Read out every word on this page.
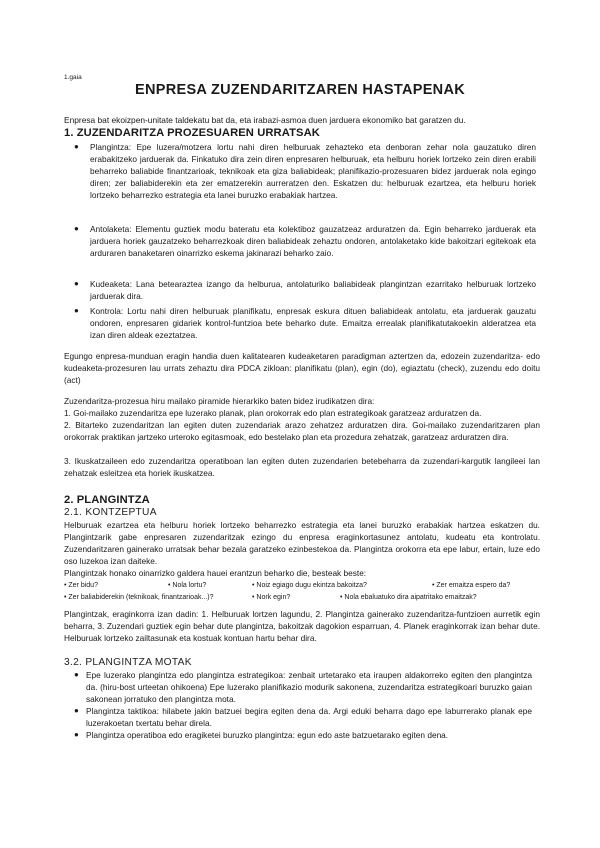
1.gaia
ENPRESA ZUZENDARITZAREN HASTAPENAK
Enpresa bat ekoizpen-unitate taldekatu bat da, eta irabazi-asmoa duen jarduera ekonomiko bat garatzen du.
1. ZUZENDARITZA PROZESUAREN URRATSAK
● Plangintza: Epe luzera/motzera lortu nahi diren helburuak zehazteko eta denboran zehar nola gauzatuko diren erabakitzeko jarduerak da. Finkatuko dira zein diren enpresaren helburuak, eta helburu horiek lortzeko zein diren erabili beharreko baliabide finantzarioak, teknikoak eta giza baliabideak; planifikazio-prozesuaren bidez jarduerak nola egingo diren; zer baliabiderekin eta zer ematzerekin aurreratzen den. Eskatzen du: helburuak ezartzea, eta helburu horiek lortzeko beharrezko estrategia eta lanei buruzko erabakiak hartzea.
● Antolaketa: Elementu guztiek modu bateratu eta kolektiboz gauzatzeaz arduratzen da. Egin beharreko jarduerak eta jarduera horiek gauzatzeko beharrezkoak diren baliabideak zehaztu ondoren, antolaketako kide bakoitzari egitekoak eta arduraren banaketaren oinarrizko eskema jakinarazi beharko zaio.
● Kudeaketa: Lana betearaztea izango da helburua, antolaturiko baliabideak plangintzan ezarritako helburuak lortzeko jarduerak dira.
● Kontrola: Lortu nahi diren helburuak planifikatu, enpresak eskura dituen baliabideak antolatu, eta jarduerak gauzatu ondoren, enpresaren gidariek kontrol-funtzioa bete beharko dute. Emaitza errealak planifikatutakoekin alderatzea eta izan diren aldeak ezeztatzea.
Egungo enpresa-munduan eragin handia duen kalitatearen kudeaketaren paradigman aztertzen da, edozein zuzendaritza- edo kudeaketa-prozesuren lau urrats zehaztu dira PDCA zikloan: planifikatu (plan), egin (do), egiaztatu (check), zuzendu edo doitu (act)
Zuzendaritza-prozesua hiru mailako piramide hierarkiko baten bidez irudikatzen dira:
1. Goi-mailako zuzendaritza epe luzerako planak, plan orokorrak edo plan estrategikoak garatzeaz arduratzen da.
2. Bitarteko zuzendaritzan lan egiten duten zuzendariak arazo zehatzez arduratzen dira. Goi-mailako zuzendaritzaren plan orokorrak praktikan jartzeko urteroko egitasmoak, edo bestelako plan eta prozedura zehatzak, garatzeaz arduratzen dira.
3. Ikuskatzaileen edo zuzendaritza operatiboan lan egiten duten zuzendarien betebeharra da zuzendari-kargutik langileei lan zehatzak esleitzea eta horiek ikuskatzea.
2. PLANGINTZA
2.1. KONTZEPTUA
Helburuak ezartzea eta helburu horiek lortzeko beharrezko estrategia eta lanei buruzko erabakiak hartzea eskatzen du. Plangintzarik gabe enpresaren zuzendaritzak ezingo du enpresa eraginkortasunez antolatu, kudeatu eta kontrolatu. Zuzendaritzaren gainerako urratsak behar bezala garatzeko ezinbestekoa da. Plangintza orokorra eta epe labur, ertain, luze edo oso luzekoa izan daiteke.
Plangintzak honako oinarrizko galdera hauei erantzun beharko die, besteak beste:
• Zer bidu?	• Nola lortu?	• Noiz egiago dugu ekintza bakoitza?	• Zer emaitza espero da?
• Zer baliabiderekin (teknikoak, finantzarioak...)?	• Nork egin?	• Nola ebaluatuko dira aipatritako emaitzak?
Plangintzak, eraginkorra izan dadin: 1. Helburuak lortzen lagundu, 2. Plangintza gainerako zuzendaritza-funtzioen aurretik egin beharra, 3. Zuzendari guztiek egin behar dute plangintza, bakoitzak dagokion esparruan, 4. Planek eraginkorrak izan behar dute. Helburuak lortzeko zailtasunak eta kostuak kontuan hartu behar dira.
3.2. PLANGINTZA MOTAK
● Epe luzerako plangintza edo plangintza estrategikoa: zenbait urtetarako eta iraupen aldakorreko egiten den plangintza da. (hiru-bost urteetan ohikoena) Epe luzerako planifikazio modurik sakonena, zuzendaritza estrategikoari buruzko gaian sakonean jorratuko den plangintza mota.
● Plangintza taktikoa: hilabete jakin batzuei begira egiten dena da. Argi eduki beharra dago epe laburrerako planak epe luzerakoetan txertatu behar direla.
● Plangintza operatiboa edo eragiketei buruzko plangintza: egun edo aste batzuetarako egiten dena.
